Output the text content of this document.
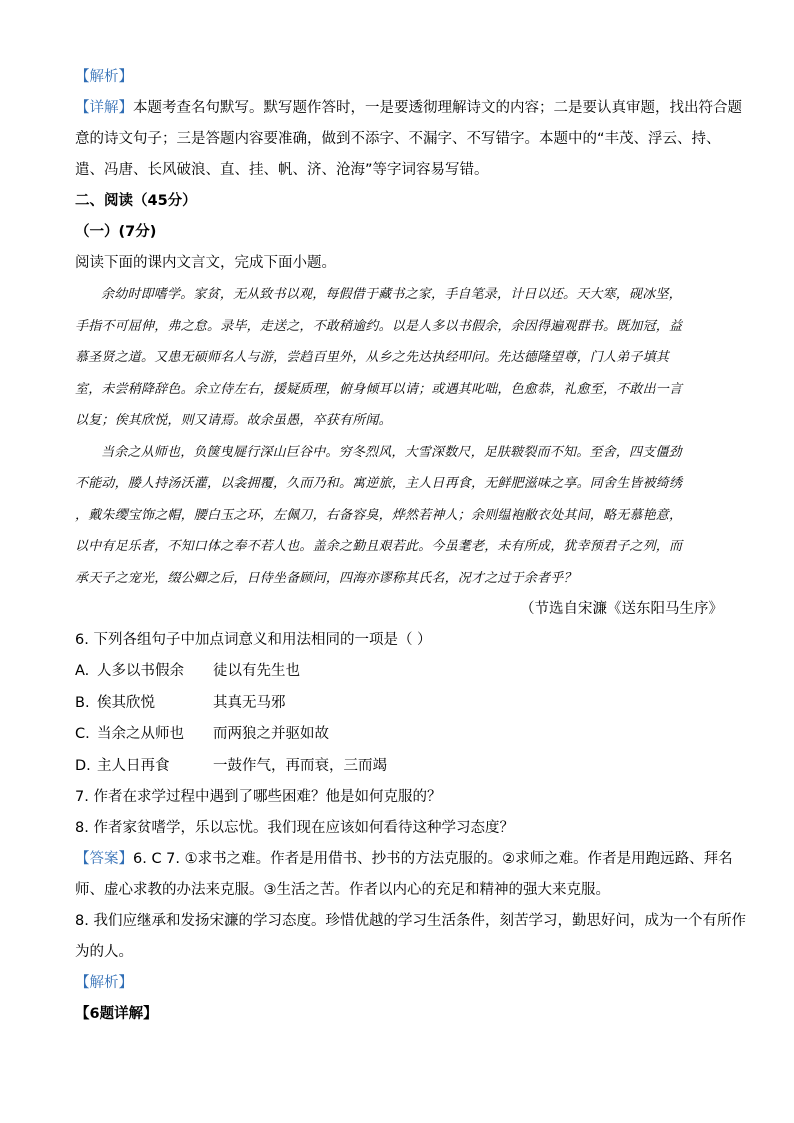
【解析】

【详解】本题考查名句默写。默写题作答时，一是要透彻理解诗文的内容；二是要认真审题，找出符合题

意的诗文句子；三是答题内容要准确，做到不添字、不漏字、不写错字。本题中的“丰茂、浮云、持、

遣、冯唐、长风破浪、直、挂、帆、济、沧海”等字词容易写错。

二、阅读（45分）

（一）(7分)

阅读下面的课内文言文，完成下面小题。

余幼时即嗜学。家贫，无从致书以观，每假借于藏书之家，手自笔录，计日以还。天大寒，砚冰坚，

手指不可屈伸，弗之怠。录毕，走送之，不敢稍逾约。以是人多以书假余，余因得遍观群书。既加冠，益

慕圣贤之道。又患无硕师名人与游，尝趋百里外，从乡之先达执经叩问。先达德隆望尊，门人弟子填其

室，未尝稍降辞色。余立侍左右，援疑质理，俯身倾耳以请；或遇其叱咄，色愈恭，礼愈至，不敢出一言

以复；俟其欣悦，则又请焉。故余虽愚，卒获有所闻。

当余之从师也，负箧曳屣行深山巨谷中。穷冬烈风，大雪深数尺，足肤皲裂而不知。至舍，四支僵劲

不能动，媵人持汤沃灌，以衾拥覆，久而乃和。寓逆旅，主人日再食，无鲜肥滋味之享。同舍生皆被绮绣

，戴朱缨宝饰之帽，腰白玉之环，左佩刀，右备容臭，烨然若神人；余则缊袍敝衣处其间，略无慕艳意，

以中有足乐者，不知口体之奉不若人也。盖余之勤且艰若此。今虽耄老，未有所成，犹幸预君子之列，而

承天子之宠光，缀公卿之后，日侍坐备顾问，四海亦谬称其氏名，况才之过于余者乎？

（节选自宋濂《送东阳马生序》

6. 下列各组句子中加点词意义和用法相同的一项是（ ）

A. 人多以书假余	徒以有先生也
B. 俟其欣悦	其真无马邪
C. 当余之从师也	而两狼之并驱如故
D. 主人日再食	一鼓作气，再而衰，三而竭

7. 作者在求学过程中遇到了哪些困难？他是如何克服的？

8. 作者家贫嗜学，乐以忘忧。我们现在应该如何看待这种学习态度？

【答案】6. C 7. ①求书之难。作者是用借书、抄书的方法克服的。②求师之难。作者是用跑远路、拜名

师、虚心求教的办法来克服。③生活之苦。作者以内心的充足和精神的强大来克服。

8. 我们应继承和发扬宋濂的学习态度。珍惜优越的学习生活条件，刻苦学习，勤思好问，成为一个有所作

为的人。

【解析】

【6题详解】
